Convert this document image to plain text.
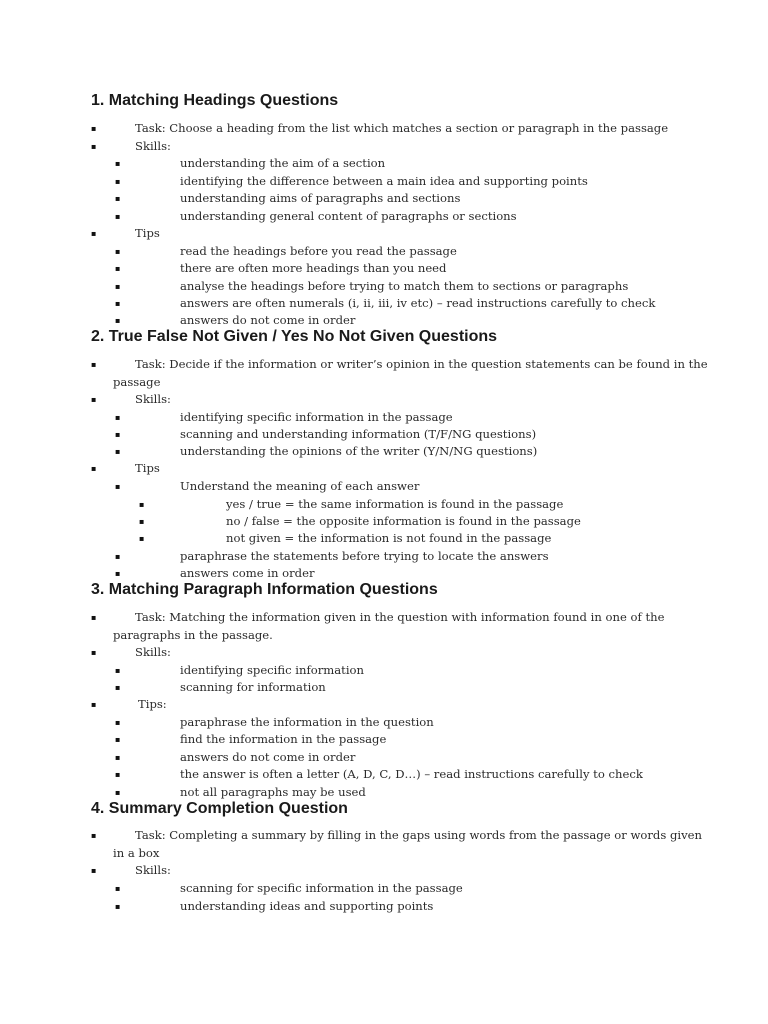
1. Matching Headings Questions
▪	Task: Choose a heading from the list which matches a section or paragraph in the passage
▪	Skills:
▪	understanding the aim of a section
▪	identifying the difference between a main idea and supporting points
▪	understanding aims of paragraphs and sections
▪	understanding general content of paragraphs or sections
▪	Tips
▪	read the headings before you read the passage
▪	there are often more headings than you need
▪	analyse the headings before trying to match them to sections or paragraphs
▪	answers are often numerals (i, ii, iii, iv etc) – read instructions carefully to check
▪	answers do not come in order
2. True False Not Given / Yes No Not Given Questions
▪	Task: Decide if the information or writer’s opinion in the question statements can be found in the
passage
▪	Skills:
▪	identifying specific information in the passage
▪	scanning and understanding information (T/F/NG questions)
▪	understanding the opinions of the writer (Y/N/NG questions)
▪	Tips
▪	Understand the meaning of each answer
▪	yes / true = the same information is found in the passage
▪	no / false = the opposite information is found in the passage
▪	not given = the information is not found in the passage
▪	paraphrase the statements before trying to locate the answers
▪	answers come in order
3. Matching Paragraph Information Questions
▪	Task: Matching the information given in the question with information found in one of the
paragraphs in the passage.
▪	Skills:
▪	identifying specific information
▪	scanning for information
▪	Tips:
▪	paraphrase the information in the question
▪	find the information in the passage
▪	answers do not come in order
▪	the answer is often a letter (A, D, C, D…) – read instructions carefully to check
▪	not all paragraphs may be used
4. Summary Completion Question
▪	Task: Completing a summary by filling in the gaps using words from the passage or words given
in a box
▪	Skills:
▪	scanning for specific information in the passage
▪	understanding ideas and supporting points
